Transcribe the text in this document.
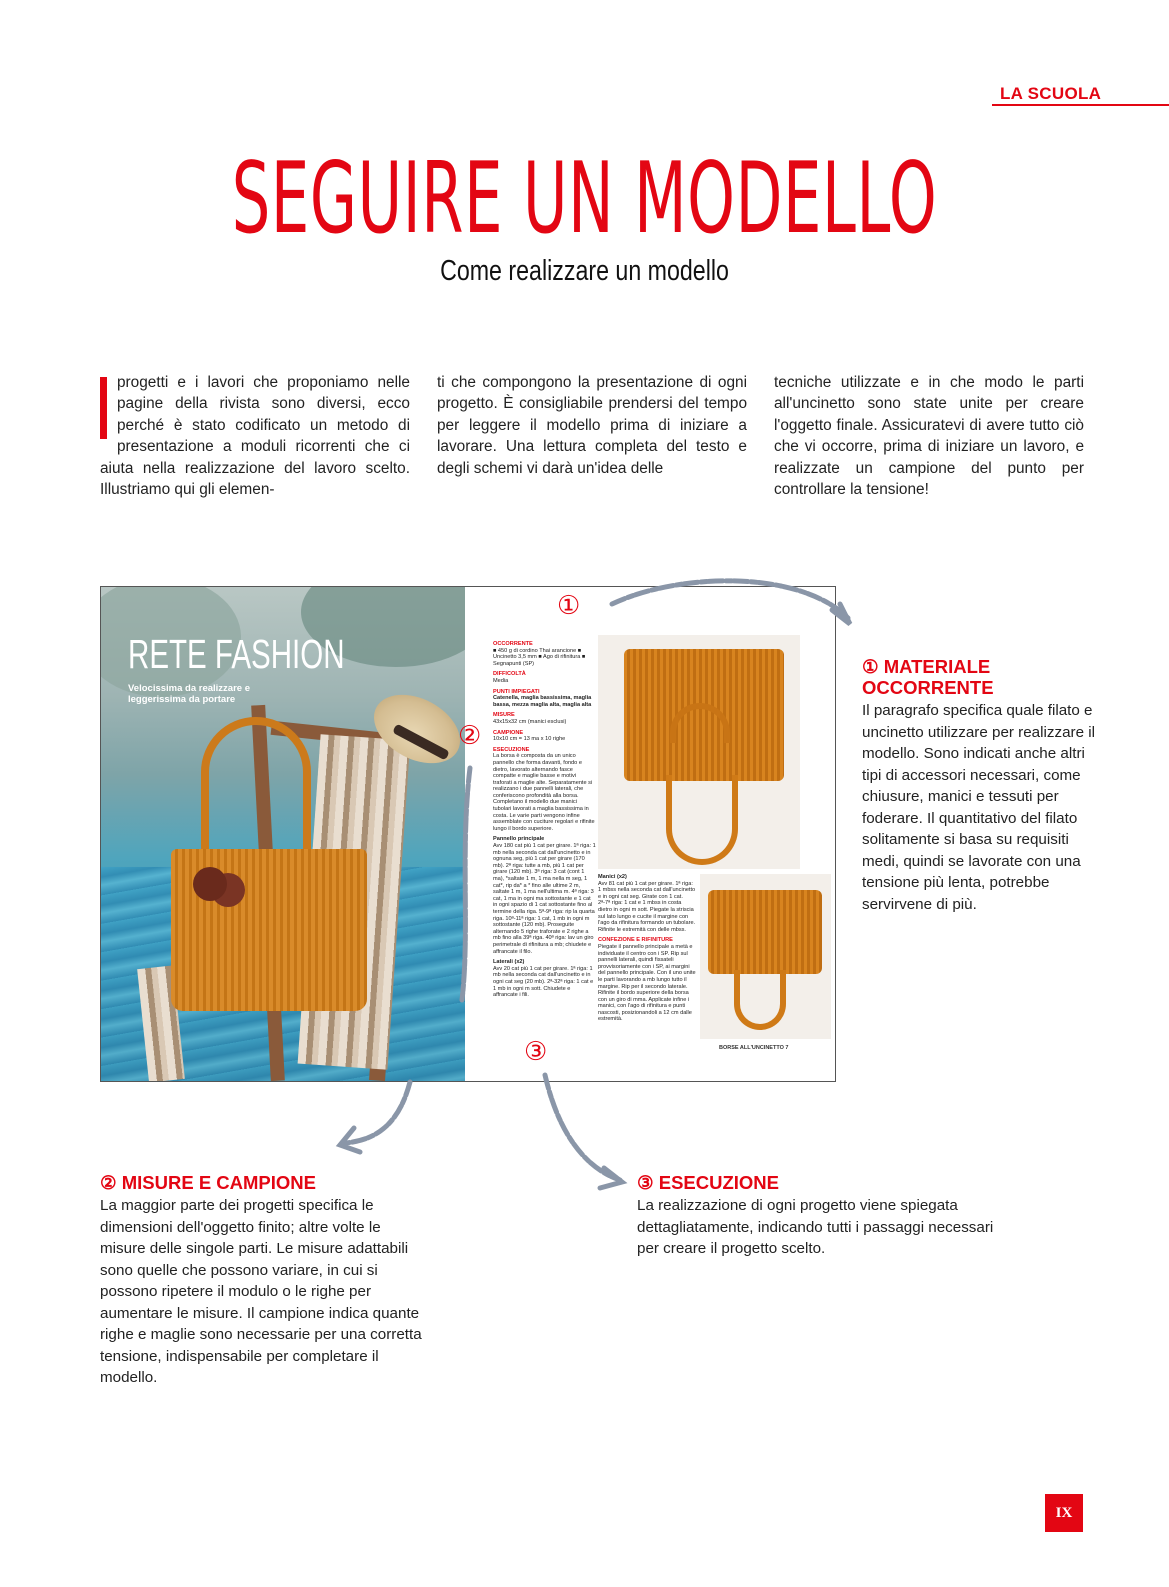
LA SCUOLA
SEGUIRE UN MODELLO
Come realizzare un modello
progetti e i lavori che proponiamo nelle pagine della rivista sono diversi, ecco perché è stato codificato un metodo di presentazione a moduli ricorrenti che ci aiuta nella realizzazione del lavoro scelto. Illustriamo qui gli elemen-
ti che compongono la presentazione di ogni progetto. È consigliabile prendersi del tempo per leggere il modello prima di iniziare a lavorare. Una lettura completa del testo e degli schemi vi darà un'idea delle
tecniche utilizzate e in che modo le parti all'uncinetto sono state unite per creare l'oggetto finale. Assicuratevi di avere tutto ciò che vi occorre, prima di iniziare un lavoro, e realizzate un campione del punto per controllare la tensione!
RETE FASHION
Velocissima da realizzare e leggerissima da portare
OCCORRENTE
■ 450 g di cordino Thai arancione ■ Uncinetto 3,5 mm ■ Ago di rifinitura ■ Segnapunti (SP)
DIFFICOLTÀ
Media
PUNTI IMPIEGATI
Catenella, maglia bassissima, maglia bassa, mezza maglia alta, maglia alta
MISURE
43x15x32 cm (manici esclusi)
CAMPIONE
10x10 cm = 13 ma x 10 righe
ESECUZIONE
La borsa è composta da un unico pannello che forma davanti, fondo e dietro, lavorato alternando fasce compatte e maglie basse e motivi traforati a maglie alte. Separatamente si realizzano i due pannelli laterali, che conferiscono profondità alla borsa. Completano il modello due manici tubolari lavorati a maglia bassissima in costa. Le varie parti vengono infine assemblate con cuciture regolari e rifinite lungo il bordo superiore.
Pannello principale
Avv 180 cat più 1 cat per girare. 1ª riga: 1 mb nella seconda cat dall'uncinetto e in ognuna seg, più 1 cat per girare (170 mb). 2ª riga: tutte a mb, più 1 cat per girare (120 mb). 3ª riga: 3 cat (cont 1 ma), *saltate 1 m, 1 ma nella m seg, 1 cat*, rip da* a * fino alle ultime 2 m, saltate 1 m, 1 ma nell'ultima m. 4ª riga: 3 cat, 1 ma in ogni ma sottostante e 1 cat in ogni spazio di 1 cat sottostante fino al termine della riga. 5ª-9ª riga: rip la quarta riga. 10ª-11ª riga: 1 cat, 1 mb in ogni m sottostante (120 mb). Proseguite alternando 5 righe traforate e 2 righe a mb fino alla 39ª riga. 40ª riga: lav un giro perimetrale di rifinitura a mb; chiudete e affrancate il filo.
Laterali (x2)
Avv 20 cat più 1 cat per girare. 1ª riga: 1 mb nella seconda cat dall'uncinetto e in ogni cat seg (20 mb). 2ª-32ª riga: 1 cat e 1 mb in ogni m sott. Chiudete e affrancate i fili.
Manici (x2)
Avv 81 cat più 1 cat per girare. 1ª riga: 1 mbss nella seconda cat dall'uncinetto e in ogni cat seg. Girate con 1 cat. 2ª-7ª riga: 1 cat e 1 mbss in costa dietro in ogni m sott. Piegate la striscia sul lato lungo e cucite il margine con l'ago da rifinitura formando un tubolare. Rifinite le estremità con delle mbss.
CONFEZIONE E RIFINITURE
Piegate il pannello principale a metà e individuate il centro con i SP. Rip sul pannelli laterali, quindi fissateli provvisoriamente con i SP, ai margini del pannello principale. Con il uno unite le parti lavorando a mb lungo tutto il margine. Rip per il secondo laterale. Rifinite il bordo superiore della borsa con un giro di mma. Applicate infine i manici, con l'ago di rifinitura e punti nascosti, posizionandoli a 12 cm dalle estremità.
BORSE ALL'UNCINETTO 7
①
②
③
① MATERIALE OCCORRENTE
Il paragrafo specifica quale filato e uncinetto utilizzare per realizzare il modello. Sono indicati anche altri tipi di accessori necessari, come chiusure, manici e tessuti per foderare. Il quantitativo del filato solitamente si basa su requisiti medi, quindi se lavorate con una tensione più lenta, potrebbe servirvene di più.
② MISURE E CAMPIONE
La maggior parte dei progetti specifica le dimensioni dell'oggetto finito; altre volte le misure delle singole parti. Le misure adattabili sono quelle che possono variare, in cui si possono ripetere il modulo o le righe per aumentare le misure. Il campione indica quante righe e maglie sono necessarie per una corretta tensione, indispensabile per completare il modello.
③ ESECUZIONE
La realizzazione di ogni progetto viene spiegata dettagliatamente, indicando tutti i passaggi necessari per creare il progetto scelto.
IX
